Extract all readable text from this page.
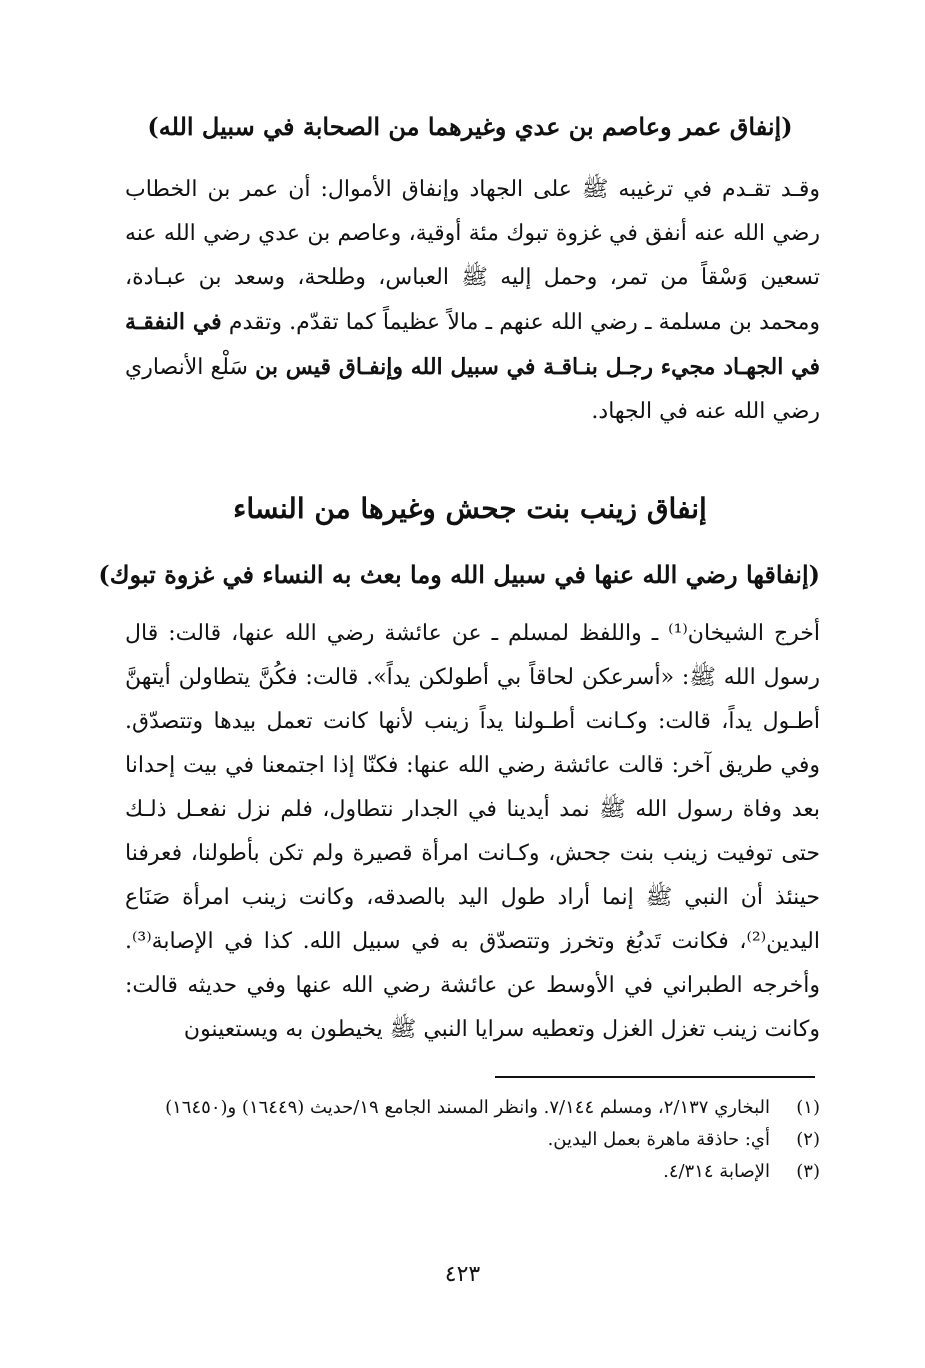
(إنفاق عمر وعاصم بن عدي وغيرهما من الصحابة في سبيل الله)
وقـد تقـدم في ترغيبه ﷺ على الجهاد وإنفاق الأموال: أن عمر بن الخطاب رضي الله عنه أنفق في غزوة تبوك مئة أوقية، وعاصم بن عدي رضي الله عنه تسعين وَسْقاً من تمر، وحمل إليه ﷺ العباس، وطلحة، وسعد بن عبـادة، ومحمد بن مسلمة ـ رضي الله عنهم ـ مالاً عظيماً كما تقدّم. وتقدم في النفقـة في الجهـاد مجيء رجـل بنـاقـة في سبيل الله وإنفـاق قيس بن سَلْع الأنصاري رضي الله عنه في الجهاد.
إنفاق زينب بنت جحش وغيرها من النساء
(إنفاقها رضي الله عنها في سبيل الله وما بعث به النساء في غزوة تبوك)
أخرج الشيخان⁽¹⁾ ـ واللفظ لمسلم ـ عن عائشة رضي الله عنها، قالت: قال رسول الله ﷺ: «أسرعكن لحاقاً بي أطولكن يداً». قالت: فكُنَّ يتطاولن أيتهنَّ أطـول يداً، قالت: وكـانت أطـولنا يداً زينب لأنها كانت تعمل بيدها وتتصدّق. وفي طريق آخر: قالت عائشة رضي الله عنها: فكنّا إذا اجتمعنا في بيت إحدانا بعد وفاة رسول الله ﷺ نمد أيدينا في الجدار نتطاول، فلم نزل نفعـل ذلـك حتى توفيت زينب بنت جحش، وكـانت امرأة قصيرة ولم تكن بأطولنا، فعرفنا حينئذ أن النبي ﷺ إنما أراد طول اليد بالصدقه، وكانت زينب امرأة صَنَاع اليدين⁽²⁾، فكانت تَدبُغ وتخرز وتتصدّق به في سبيل الله. كذا في الإصابة⁽³⁾. وأخرجه الطبراني في الأوسط عن عائشة رضي الله عنها وفي حديثه قالت: وكانت زينب تغزل الغزل وتعطيه سرايا النبي ﷺ يخيطون به ويستعينون
(١)
البخاري ٢/١٣٧، ومسلم ٧/١٤٤. وانظر المسند الجامع ١٩/حديث (١٦٤٤٩) و(١٦٤٥٠)
(٢)
أي: حاذقة ماهرة بعمل اليدين.
(٣)
الإصابة ٤/٣١٤.
٤٢٣
